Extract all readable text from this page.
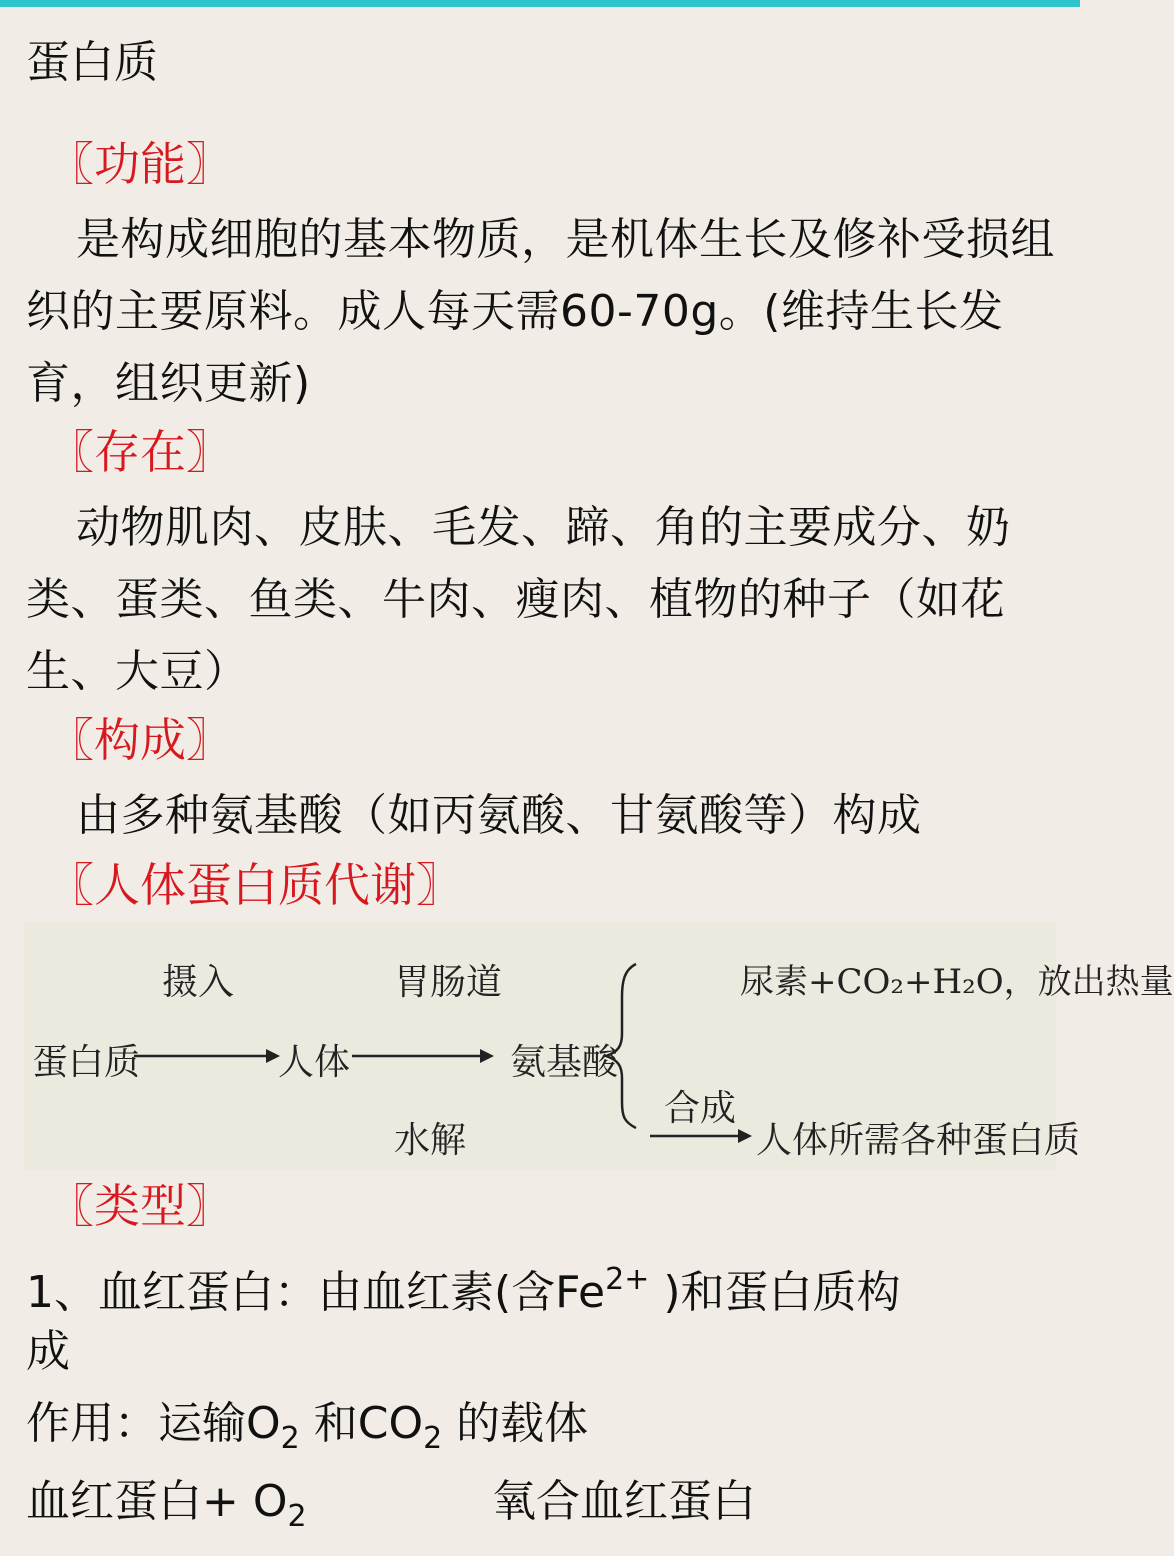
蛋白质
〖功能〗
是构成细胞的基本物质，是机体生长及修补受损组织的主要原料。成人每天需60-70g。(维持生长发育，组织更新)
〖存在〗
动物肌肉、皮肤、毛发、蹄、角的主要成分、奶类、蛋类、鱼类、牛肉、瘦肉、植物的种子（如花生、大豆）
〖构成〗
由多种氨基酸（如丙氨酸、甘氨酸等）构成
〖人体蛋白质代谢〗
蛋白质
摄入
人体
胃肠道
水解
氨基酸
尿素+CO₂+H₂O，放出热量
合成
人体所需各种蛋白质
〖类型〗
1、血红蛋白：由血红素(含$Fe^{2+}$ )和蛋白质构
成
作用：运输$O_2$ 和$CO_2$ 的载体
血红蛋白+ $O_2$	氧合血红蛋白
